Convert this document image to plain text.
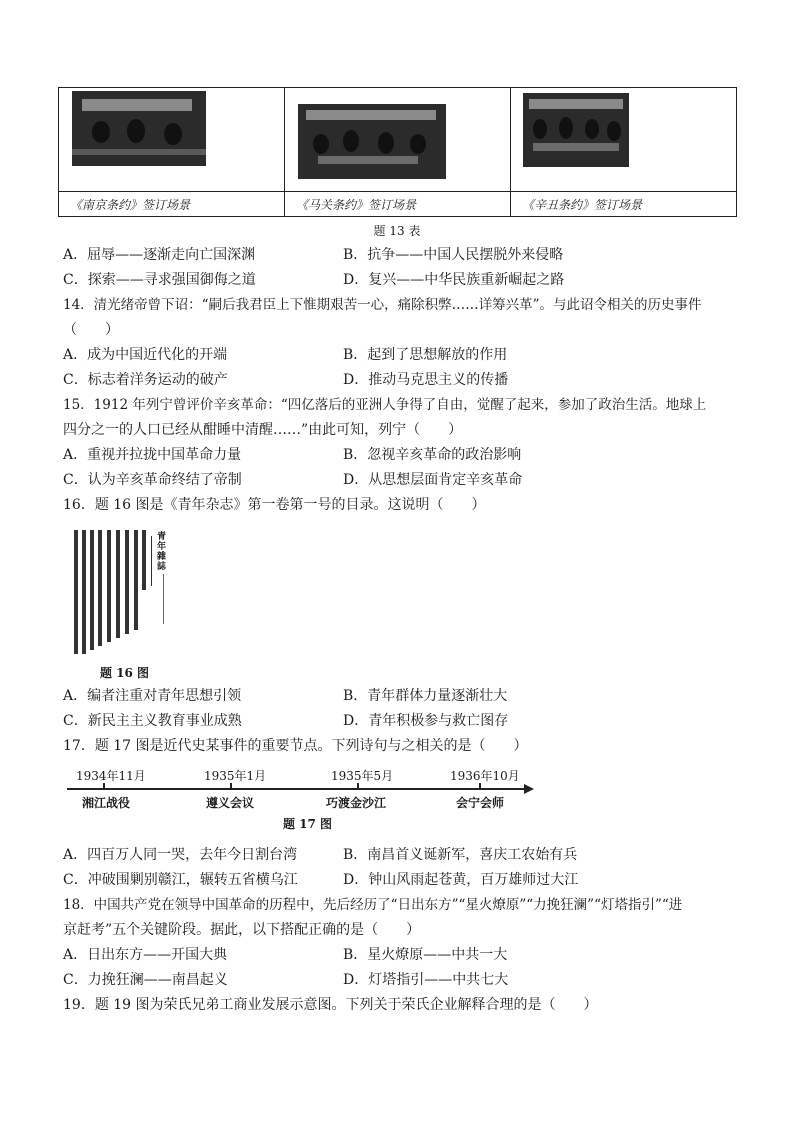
《南京条约》签订场景	《马关条约》签订场景	《辛丑条约》签订场景
题 13 表
A．屈辱——逐渐走向亡国深渊	B．抗争——中国人民摆脱外来侵略
C．探索——寻求强国御侮之道	D．复兴——中华民族重新崛起之路
14．清光绪帝曾下诏：“嗣后我君臣上下惟期艰苦一心，痛除积弊……详筹兴革”。与此诏令相关的历史事件
（　　）
A．成为中国近代化的开端	B．起到了思想解放的作用
C．标志着洋务运动的破产	D．推动马克思主义的传播
15．1912 年列宁曾评价辛亥革命：“四亿落后的亚洲人争得了自由，觉醒了起来，参加了政治生活。地球上
四分之一的人口已经从酣睡中清醒……”由此可知，列宁（　　）
A．重视并拉拢中国革命力量	B．忽视辛亥革命的政治影响
C．认为辛亥革命终结了帝制	D．从思想层面肯定辛亥革命
16．题 16 图是《青年杂志》第一卷第一号的目录。这说明（　　）
青年雜誌
题 16 图
A．编者注重对青年思想引领	B．青年群体力量逐渐壮大
C．新民主主义教育事业成熟	D．青年积极参与救亡图存
17．题 17 图是近代史某事件的重要节点。下列诗句与之相关的是（　　）
1934年11月	1935年1月	1935年5月	1936年10月
湘江战役	遵义会议	巧渡金沙江	会宁会师
题 17 图
A．四百万人同一哭，去年今日割台湾	B．南昌首义诞新军，喜庆工农始有兵
C．冲破围剿别赣江，辗转五省横乌江	D．钟山风雨起苍黄，百万雄师过大江
18．中国共产党在领导中国革命的历程中，先后经历了“日出东方”“星火燎原”“力挽狂澜”“灯塔指引”“进
京赶考”五个关键阶段。据此，以下搭配正确的是（　　）
A．日出东方——开国大典	B．星火燎原——中共一大
C．力挽狂澜——南昌起义	D．灯塔指引——中共七大
19．题 19 图为荣氏兄弟工商业发展示意图。下列关于荣氏企业解释合理的是（　　）
